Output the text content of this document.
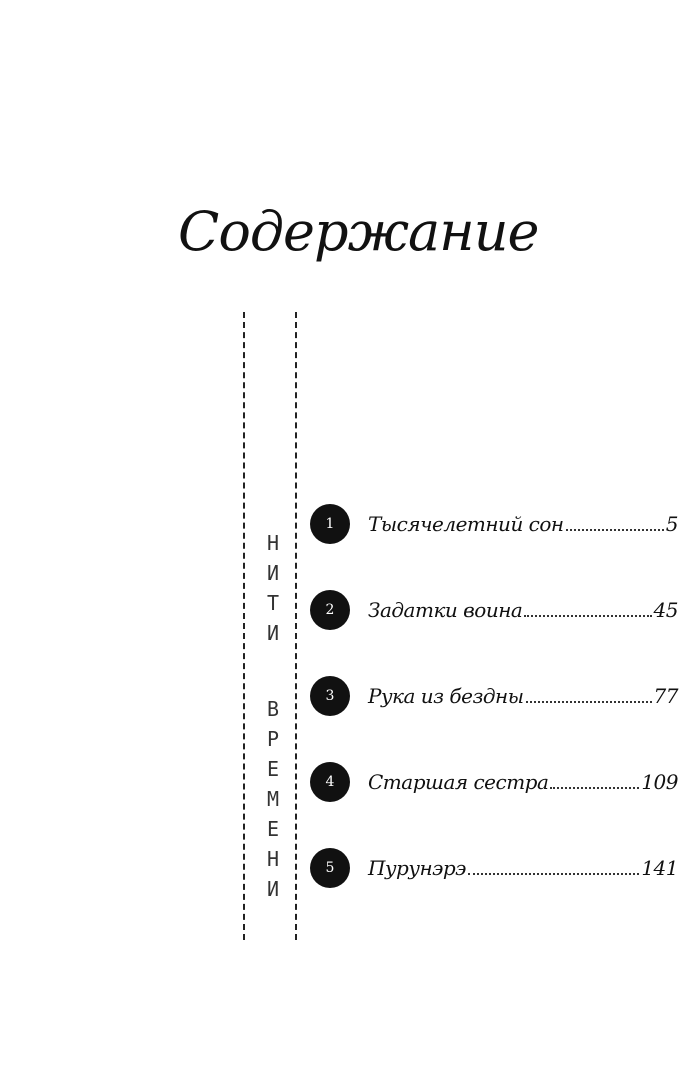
Содержание
Н
И
Т
И
В
Р
Е
М
Е
Н
И
1	Тысячелетний сон	5
2	Задатки воина	45
3	Рука из бездны	77
4	Старшая сестра	109
5	Пурунэрэ	141
